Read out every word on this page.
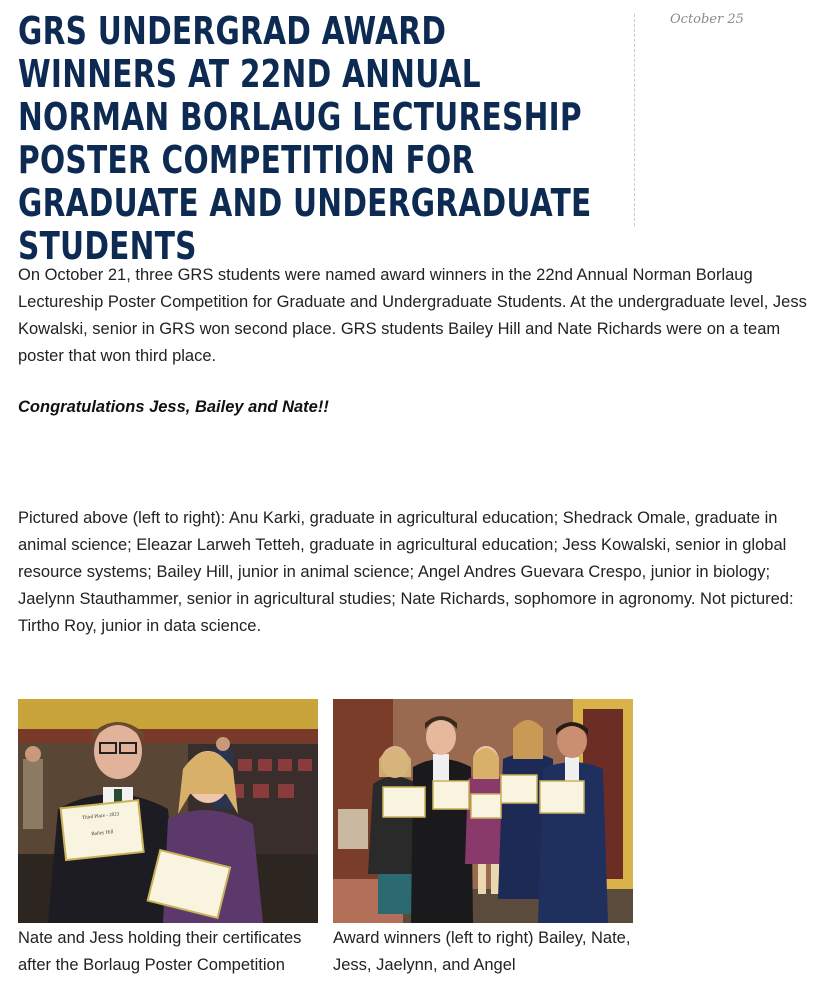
GRS UNDERGRAD AWARD WINNERS AT 22ND ANNUAL NORMAN BORLAUG LECTURESHIP POSTER COMPETITION FOR GRADUATE AND UNDERGRADUATE STUDENTS
October 25

On October 21, three GRS students were named award winners in the 22nd Annual Norman Borlaug Lectureship Poster Competition for Graduate and Undergraduate Students. At the undergraduate level, Jess Kowalski, senior in GRS won second place. GRS students Bailey Hill and Nate Richards were on a team poster that won third place.

Congratulations Jess, Bailey and Nate!!

Pictured above (left to right): Anu Karki, graduate in agricultural education; Shedrack Omale, graduate in animal science; Eleazar Larweh Tetteh, graduate in agricultural education; Jess Kowalski, senior in global resource systems; Bailey Hill, junior in animal science; Angel Andres Guevara Crespo, junior in biology; Jaelynn Stauthammer, senior in agricultural studies; Nate Richards, sophomore in agronomy. Not pictured: Tirtho Roy, junior in data science.

Third Place - 2023
Bailey Hill

Nate and Jess holding their certificates after the Borlaug Poster Competition

Award winners (left to right) Bailey, Nate, Jess, Jaelynn, and Angel
